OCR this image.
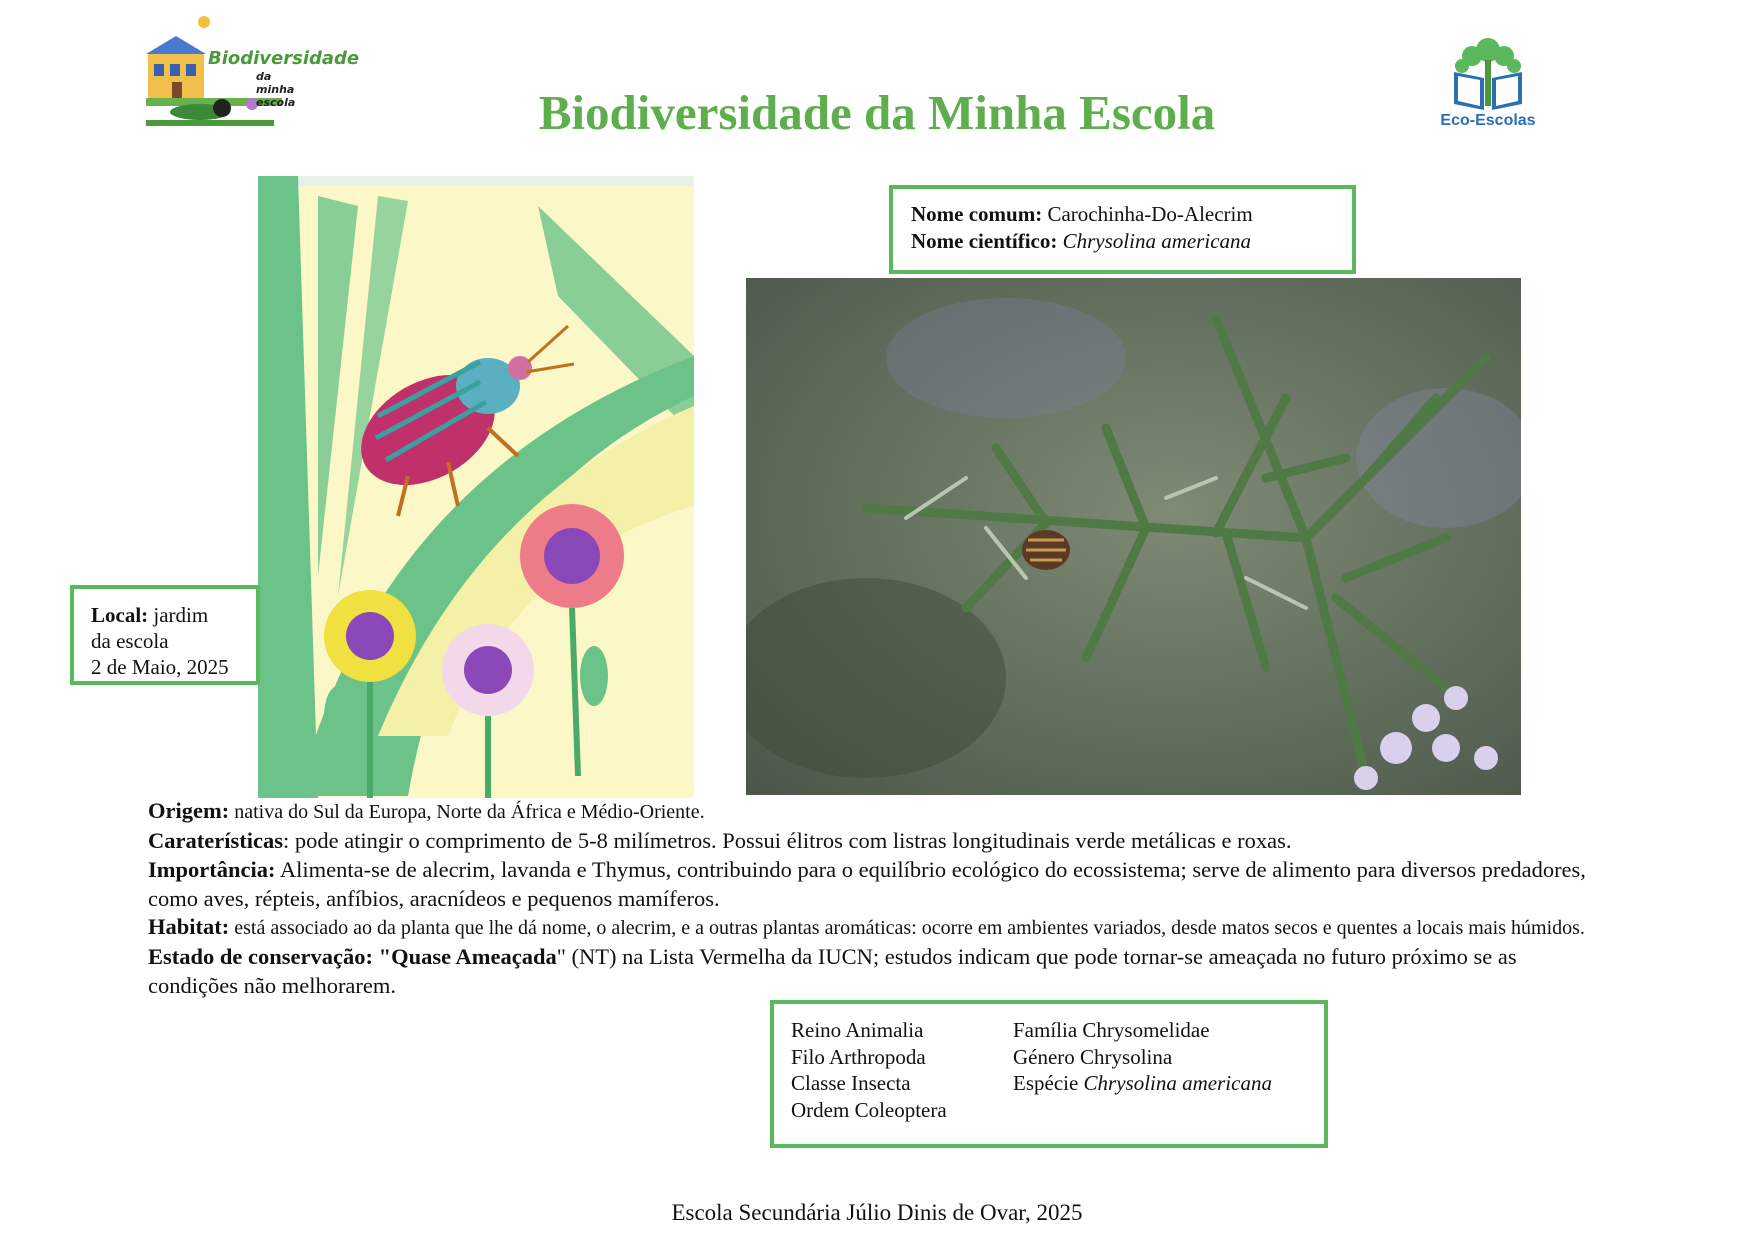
Biodiversidade
da minha escola	Biodiversidade da Minha Escola	Eco-Escolas
Nome comum: Carochinha-Do-Alecrim
Nome científico: Chrysolina americana
Local: jardim
da escola
2 de Maio, 2025

Origem: nativa do Sul da Europa, Norte da África e Médio-Oriente.

Caraterísticas: pode atingir o comprimento de 5-8 milímetros. Possui élitros com listras longitudinais verde metálicas e roxas.

Importância: Alimenta-se de alecrim, lavanda e Thymus, contribuindo para o equilíbrio ecológico do ecossistema; serve de alimento para diversos predadores, como aves, répteis, anfíbios, aracnídeos e pequenos mamíferos.

Habitat: está associado ao da planta que lhe dá nome, o alecrim, e a outras plantas aromáticas: ocorre em ambientes variados, desde matos secos e quentes a locais mais húmidos.

Estado de conservação: "Quase Ameaçada" (NT) na Lista Vermelha da IUCN; estudos indicam que pode tornar-se ameaçada no futuro próximo se as condições não melhorarem.

Reino Animalia	Família Chrysomelidae
Filo Arthropoda	Género Chrysolina
Classe Insecta	Espécie Chrysolina americana
Ordem Coleoptera
Escola Secundária Júlio Dinis de Ovar, 2025
